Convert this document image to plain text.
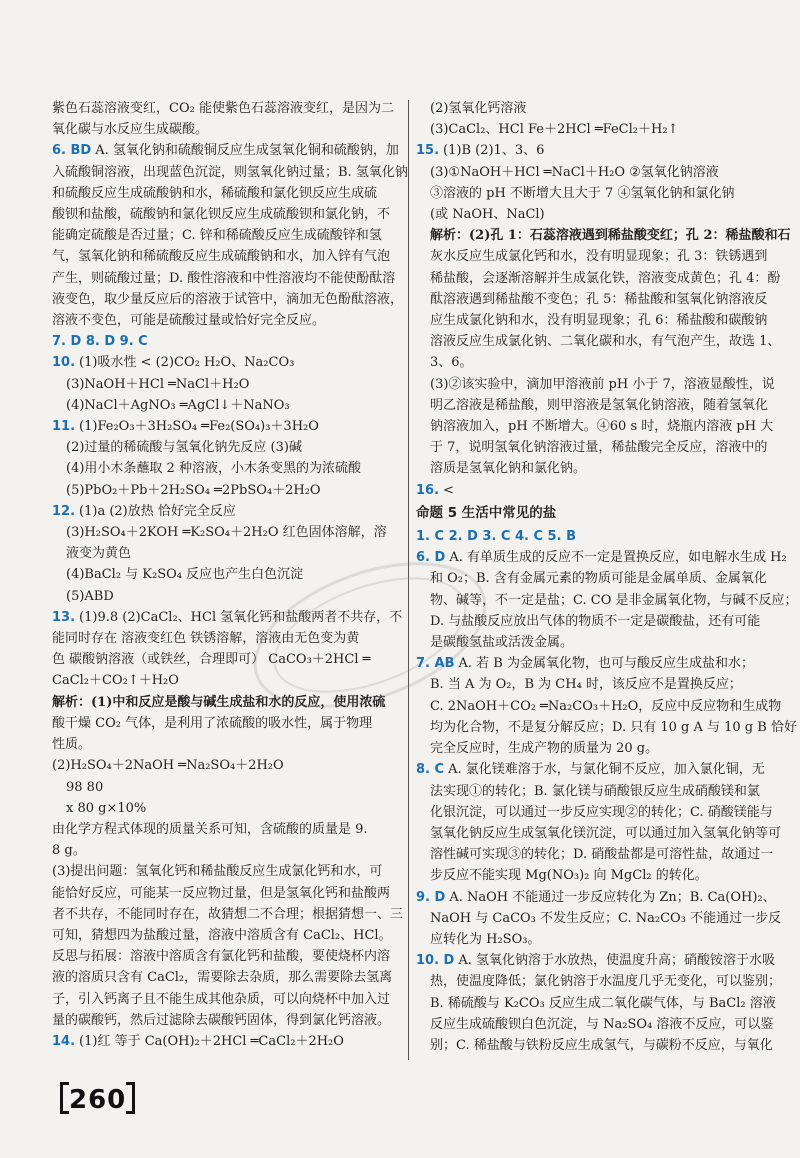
紫色石蕊溶液变红，CO₂ 能使紫色石蕊溶液变红，是因为二
氧化碳与水反应生成碳酸。
6. BD A. 氢氧化钠和硫酸铜反应生成氢氧化铜和硫酸钠，加
入硫酸铜溶液，出现蓝色沉淀，则氢氧化钠过量；B. 氢氧化钠
和硫酸反应生成硫酸钠和水，稀硫酸和氯化钡反应生成硫
酸钡和盐酸，硫酸钠和氯化钡反应生成硫酸钡和氯化钠，不
能确定硫酸是否过量；C. 锌和稀硫酸反应生成硫酸锌和氢
气，氢氧化钠和稀硫酸反应生成硫酸钠和水，加入锌有气泡
产生，则硫酸过量；D. 酸性溶液和中性溶液均不能使酚酞溶
液变色，取少量反应后的溶液于试管中，滴加无色酚酞溶液，
溶液不变色，可能是硫酸过量或恰好完全反应。
7. D 8. D 9. C
10. (1)吸水性 < (2)CO₂ H₂O、Na₂CO₃
(3)NaOH＋HCl ═NaCl＋H₂O
(4)NaCl＋AgNO₃ ═AgCl↓＋NaNO₃
11. (1)Fe₂O₃＋3H₂SO₄ ═Fe₂(SO₄)₃＋3H₂O
(2)过量的稀硫酸与氢氧化钠先反应 (3)碱
(4)用小木条蘸取 2 种溶液，小木条变黑的为浓硫酸
(5)PbO₂＋Pb＋2H₂SO₄ ═2PbSO₄＋2H₂O
12. (1)a (2)放热 恰好完全反应
(3)H₂SO₄＋2KOH ═K₂SO₄＋2H₂O 红色固体溶解，溶
液变为黄色
(4)BaCl₂ 与 K₂SO₄ 反应也产生白色沉淀
(5)ABD
13. (1)9.8 (2)CaCl₂、HCl 氢氧化钙和盐酸两者不共存，不
能同时存在 溶液变红色 铁锈溶解，溶液由无色变为黄
色 碳酸钠溶液（或铁丝，合理即可） CaCO₃＋2HCl ═
CaCl₂＋CO₂↑＋H₂O
解析：(1)中和反应是酸与碱生成盐和水的反应，使用浓硫
酸干燥 CO₂ 气体，是利用了浓硫酸的吸水性，属于物理
性质。
(2)H₂SO₄＋2NaOH ═Na₂SO₄＋2H₂O
98 80
x 80 g×10%
由化学方程式体现的质量关系可知，含硫酸的质量是 9.
8 g。
(3)提出问题：氢氧化钙和稀盐酸反应生成氯化钙和水，可
能恰好反应，可能某一反应物过量，但是氢氧化钙和盐酸两
者不共存，不能同时存在，故猜想二不合理；根据猜想一、三
可知，猜想四为盐酸过量，溶液中溶质含有 CaCl₂、HCl。
反思与拓展：溶液中溶质含有氯化钙和盐酸，要使烧杯内溶
液的溶质只含有 CaCl₂，需要除去杂质，那么需要除去氢离
子，引入钙离子且不能生成其他杂质，可以向烧杯中加入过
量的碳酸钙，然后过滤除去碳酸钙固体，得到氯化钙溶液。
14. (1)红 等于 Ca(OH)₂＋2HCl ═CaCl₂＋2H₂O
(2)氢氧化钙溶液
(3)CaCl₂、HCl Fe＋2HCl ═FeCl₂＋H₂↑
15. (1)B (2)1、3、6
(3)①NaOH＋HCl ═NaCl＋H₂O ②氢氧化钠溶液
③溶液的 pH 不断增大且大于 7 ④氢氧化钠和氯化钠
(或 NaOH、NaCl)
解析：(2)孔 1：石蕊溶液遇到稀盐酸变红；孔 2：稀盐酸和石
灰水反应生成氯化钙和水，没有明显现象；孔 3：铁锈遇到
稀盐酸，会逐渐溶解并生成氯化铁，溶液变成黄色；孔 4：酚
酞溶液遇到稀盐酸不变色；孔 5：稀盐酸和氢氧化钠溶液反
应生成氯化钠和水，没有明显现象；孔 6：稀盐酸和碳酸钠
溶液反应生成氯化钠、二氧化碳和水，有气泡产生，故选 1、
3、6。
(3)②该实验中，滴加甲溶液前 pH 小于 7，溶液显酸性，说
明乙溶液是稀盐酸，则甲溶液是氢氧化钠溶液，随着氢氧化
钠溶液加入，pH 不断增大。④60 s 时，烧瓶内溶液 pH 大
于 7，说明氢氧化钠溶液过量，稀盐酸完全反应，溶液中的
溶质是氢氧化钠和氯化钠。
16. <
命题 5 生活中常见的盐
1. C 2. D 3. C 4. C 5. B
6. D A. 有单质生成的反应不一定是置换反应，如电解水生成 H₂
和 O₂；B. 含有金属元素的物质可能是金属单质、金属氧化
物、碱等，不一定是盐；C. CO 是非金属氧化物，与碱不反应；
D. 与盐酸反应放出气体的物质不一定是碳酸盐，还有可能
是碳酸氢盐或活泼金属。
7. AB A. 若 B 为金属氧化物，也可与酸反应生成盐和水；
B. 当 A 为 O₂，B 为 CH₄ 时，该反应不是置换反应；
C. 2NaOH＋CO₂ ═Na₂CO₃＋H₂O，反应中反应物和生成物
均为化合物，不是复分解反应；D. 只有 10 g A 与 10 g B 恰好
完全反应时，生成产物的质量为 20 g。
8. C A. 氯化镁难溶于水，与氯化铜不反应，加入氯化铜，无
法实现①的转化；B. 氯化镁与硝酸银反应生成硝酸镁和氯
化银沉淀，可以通过一步反应实现②的转化；C. 硝酸镁能与
氢氧化钠反应生成氢氧化镁沉淀，可以通过加入氢氧化钠等可
溶性碱可实现③的转化；D. 硝酸盐都是可溶性盐，故通过一
步反应不能实现 Mg(NO₃)₂ 向 MgCl₂ 的转化。
9. D A. NaOH 不能通过一步反应转化为 Zn；B. Ca(OH)₂、
NaOH 与 CaCO₃ 不发生反应；C. Na₂CO₃ 不能通过一步反
应转化为 H₂SO₃。
10. D A. 氢氧化钠溶于水放热，使温度升高；硝酸铵溶于水吸
热，使温度降低；氯化钠溶于水温度几乎无变化，可以鉴别；
B. 稀硫酸与 K₂CO₃ 反应生成二氧化碳气体，与 BaCl₂ 溶液
反应生成硫酸钡白色沉淀，与 Na₂SO₄ 溶液不反应，可以鉴
别；C. 稀盐酸与铁粉反应生成氢气，与碳粉不反应，与氧化
260
